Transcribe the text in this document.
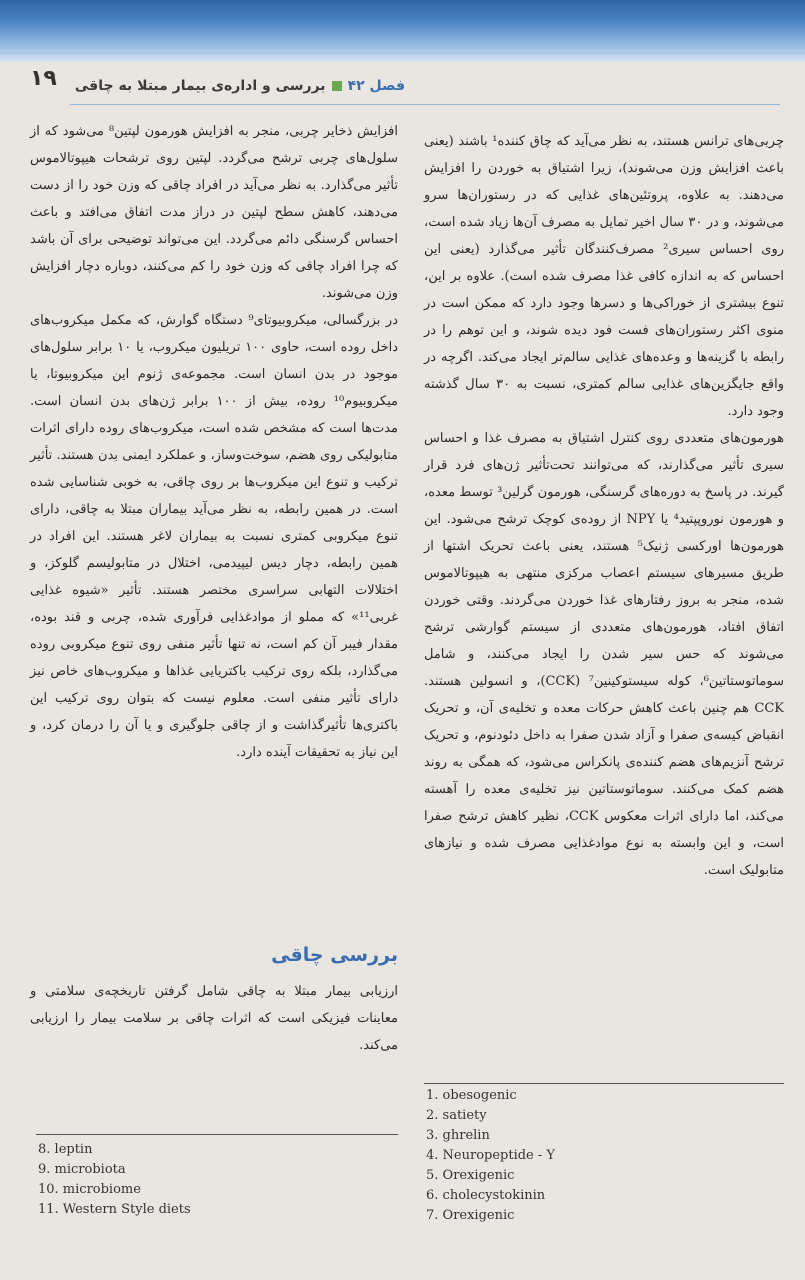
١٩	فصل ۴۲بررسی و اداره‌ی بیمار مبتلا به چاقی

چربی‌های ترانس هستند، به نظر می‌آید که چاق کننده‌¹ باشند (یعنی باعث افزایش وزن می‌شوند)، زیرا اشتیاق به خوردن را افزایش می‌دهند. به علاوه، پروتئین‌های غذایی که در رستوران‌ها سرو می‌شوند، و در ۳۰ سال اخیر تمایل به مصرف آن‌ها زیاد شده است، روی احساس سیری² مصرف‌کنندگان تأثیر می‌گذارد (یعنی این احساس که به اندازه کافی غذا مصرف شده است). علاوه بر این، تنوع بیشتری از خوراکی‌ها و دسرها وجود دارد که ممکن است در منوی اکثر رستوران‌های فست فود دیده شوند، و این توهم را در رابطه با گزینه‌ها و وعده‌های غذایی سالم‌تر ایجاد می‌کند. اگرچه در واقع جایگزین‌های غذایی سالم کمتری، نسبت به ۳۰ سال گذشته وجود دارد.

هورمون‌های متعددی روی کنترل اشتیاق به مصرف غذا و احساس سیری تأثیر می‌گذارند، که می‌توانند تحت‌تأثیر ژن‌های فرد قرار گیرند. در پاسخ به دوره‌های گرسنگی، هورمون گرلین³ توسط معده، و هورمون نوروپپتید⁴ یا NPY از روده‌ی کوچک ترشح می‌شود. این هورمون‌ها اورکسی ژنیک⁵ هستند، یعنی باعث تحریک اشتها از طریق مسیرهای سیستم اعصاب مرکزی منتهی به هیپوتالاموس شده، منجر به بروز رفتارهای غذا خوردن می‌گردند. وقتی خوردن اتفاق افتاد، هورمون‌های متعددی از سیستم گوارشی ترشح می‌شوند که حس سیر شدن را ایجاد می‌کنند، و شامل سوماتوستاتین⁶، کوله سیستوکینین⁷ (CCK)، و انسولین هستند. CCK هم چنین باعث کاهش حرکات معده و تخلیه‌ی آن، و تحریک انقباض کیسه‌ی صفرا و آزاد شدن صفرا به داخل دئودنوم، و تحریک ترشح آنزیم‌های هضم کننده‌ی پانکراس می‌شود، که همگی به روند هضم کمک می‌کنند. سوماتوستاتین نیز تخلیه‌ی معده را آهسته می‌کند، اما دارای اثرات معکوس CCK، نظیر کاهش ترشح صفرا است، و این وابسته به نوع موادغذایی مصرف شده و نیازهای متابولیک است.

افزایش ذخایر چربی، منجر به افزایش هورمون لپتین⁸ می‌شود که از سلول‌های چربی ترشح می‌گردد. لپتین روی ترشحات هیپوتالاموس تأثیر می‌گذارد. به نظر می‌آید در افراد چاقی که وزن خود را از دست می‌دهند، کاهش سطح لپتین در دراز مدت اتفاق می‌افتد و باعث احساس گرسنگی دائم می‌گردد. این می‌تواند توضیحی برای آن باشد که چرا افراد چاقی که وزن خود را کم می‌کنند، دوباره دچار افزایش وزن می‌شوند.

در بزرگسالی، میکروبیوتای⁹ دستگاه گوارش، که مکمل میکروب‌های داخل روده است، حاوی ۱۰۰ تریلیون میکروب، یا ۱۰ برابر سلول‌های موجود در بدن انسان است. مجموعه‌ی ژنوم این میکروبیوتا، یا میکروبیوم¹⁰ روده، بیش از ۱۰۰ برابر ژن‌های بدن انسان است. مدت‌ها است که مشخص شده است، میکروب‌های روده دارای اثرات متابولیکی روی هضم، سوخت‌وساز، و عملکرد ایمنی بدن هستند. تأثیر ترکیب و تنوع این میکروب‌ها بر روی چاقی، به خوبی شناسایی شده است. در همین رابطه، به نظر می‌آید بیماران مبتلا به چاقی، دارای تنوع میکروبی کمتری نسبت به بیماران لاغر هستند. این افراد در همین رابطه، دچار دیس لیپیدمی، اختلال در متابولیسم گلوکز، و اختلالات التهابی سراسری مختصر هستند. تأثیر «شیوه غذایی غربی¹¹» که مملو از موادغذایی فرآوری شده، چربی و قند بوده، مقدار فیبر آن کم است، نه تنها تأثیر منفی روی تنوع میکروبی روده می‌گذارد، بلکه روی ترکیب باکتریایی غذاها و میکروب‌های خاص نیز دارای تأثیر منفی است. معلوم نیست که بتوان روی ترکیب این باکتری‌ها تأثیرگذاشت و از چاقی جلوگیری و یا آن را درمان کرد، و این نیاز به تحقیقات آینده دارد.

بررسی چاقی

ارزیابی بیمار مبتلا به چاقی شامل گرفتن تاریخچه‌ی سلامتی و معاینات فیزیکی است که اثرات چاقی بر سلامت بیمار را ارزیابی می‌کند.

8. leptin
9. microbiota
10. microbiome
11. Western Style diets
1. obesogenic
2. satiety
3. ghrelin
4. Neuropeptide - Y
5. Orexigenic
6. cholecystokinin
7. Orexigenic
